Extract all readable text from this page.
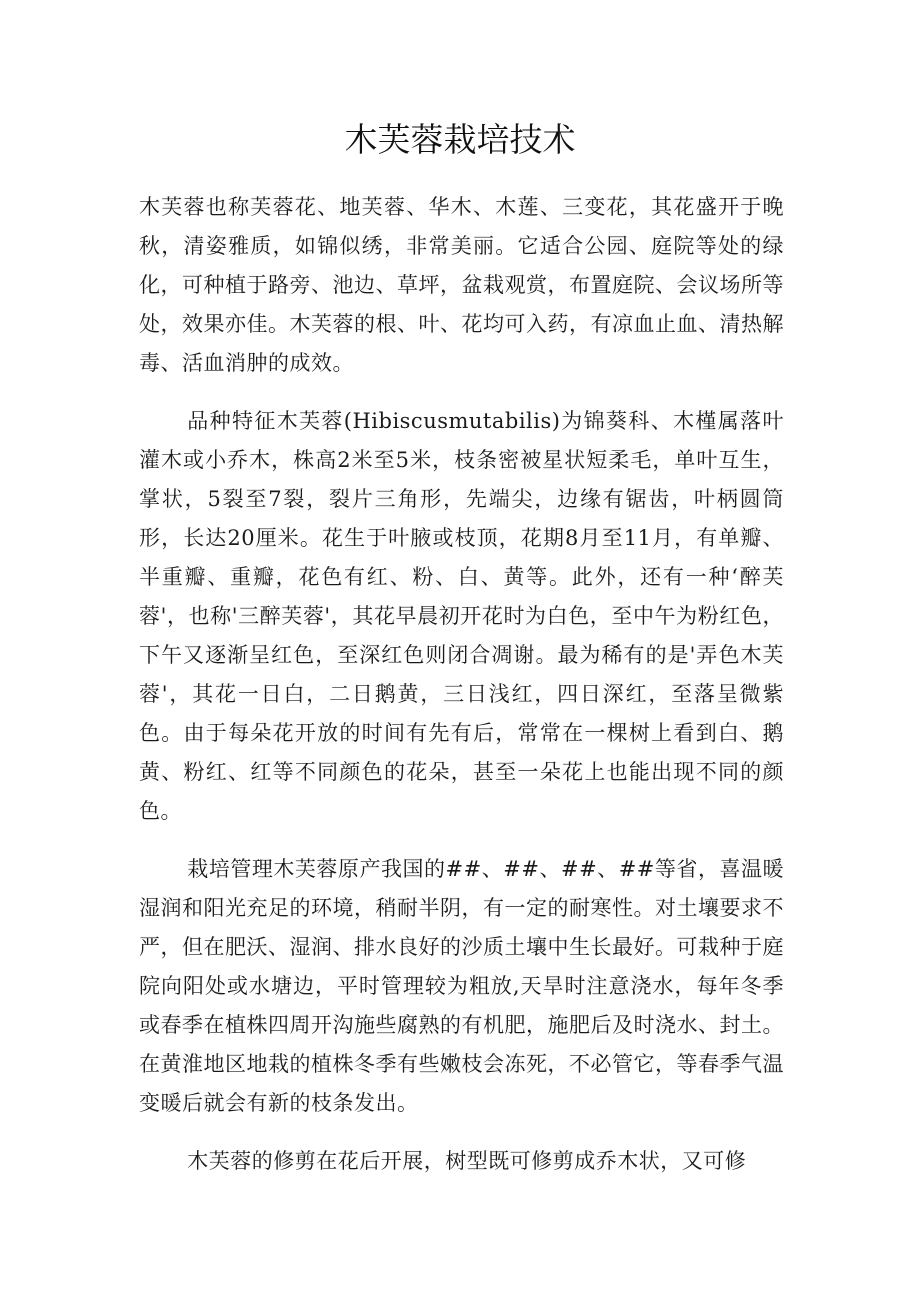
木芙蓉栽培技术

木芙蓉也称芙蓉花、地芙蓉、华木、木莲、三变花，其花盛开于晚秋，清姿雅质，如锦似绣，非常美丽。它适合公园、庭院等处的绿化，可种植于路旁、池边、草坪，盆栽观赏，布置庭院、会议场所等处，效果亦佳。木芙蓉的根、叶、花均可入药，有凉血止血、清热解毒、活血消肿的成效。

品种特征木芙蓉(Hibiscusmutabilis)为锦葵科、木槿属落叶灌木或小乔木，株高2米至5米，枝条密被星状短柔毛，单叶互生，掌状，5裂至7裂，裂片三角形，先端尖，边缘有锯齿，叶柄圆筒形，长达20厘米。花生于叶腋或枝顶，花期8月至11月，有单瓣、半重瓣、重瓣，花色有红、粉、白、黄等。此外，还有一种‘醉芙蓉'，也称'三醉芙蓉'，其花早晨初开花时为白色，至中午为粉红色，下午又逐渐呈红色，至深红色则闭合凋谢。最为稀有的是'弄色木芙蓉'，其花一日白，二日鹅黄，三日浅红，四日深红，至落呈微紫色。由于每朵花开放的时间有先有后，常常在一棵树上看到白、鹅黄、粉红、红等不同颜色的花朵，甚至一朵花上也能出现不同的颜色。

栽培管理木芙蓉原产我国的##、##、##、##等省，喜温暖湿润和阳光充足的环境，稍耐半阴，有一定的耐寒性。对土壤要求不严，但在肥沃、湿润、排水良好的沙质土壤中生长最好。可栽种于庭院向阳处或水塘边，平时管理较为粗放,天旱时注意浇水，每年冬季或春季在植株四周开沟施些腐熟的有机肥，施肥后及时浇水、封土。在黄淮地区地栽的植株冬季有些嫩枝会冻死，不必管它，等春季气温变暖后就会有新的枝条发出。

木芙蓉的修剪在花后开展，树型既可修剪成乔木状，又可修
